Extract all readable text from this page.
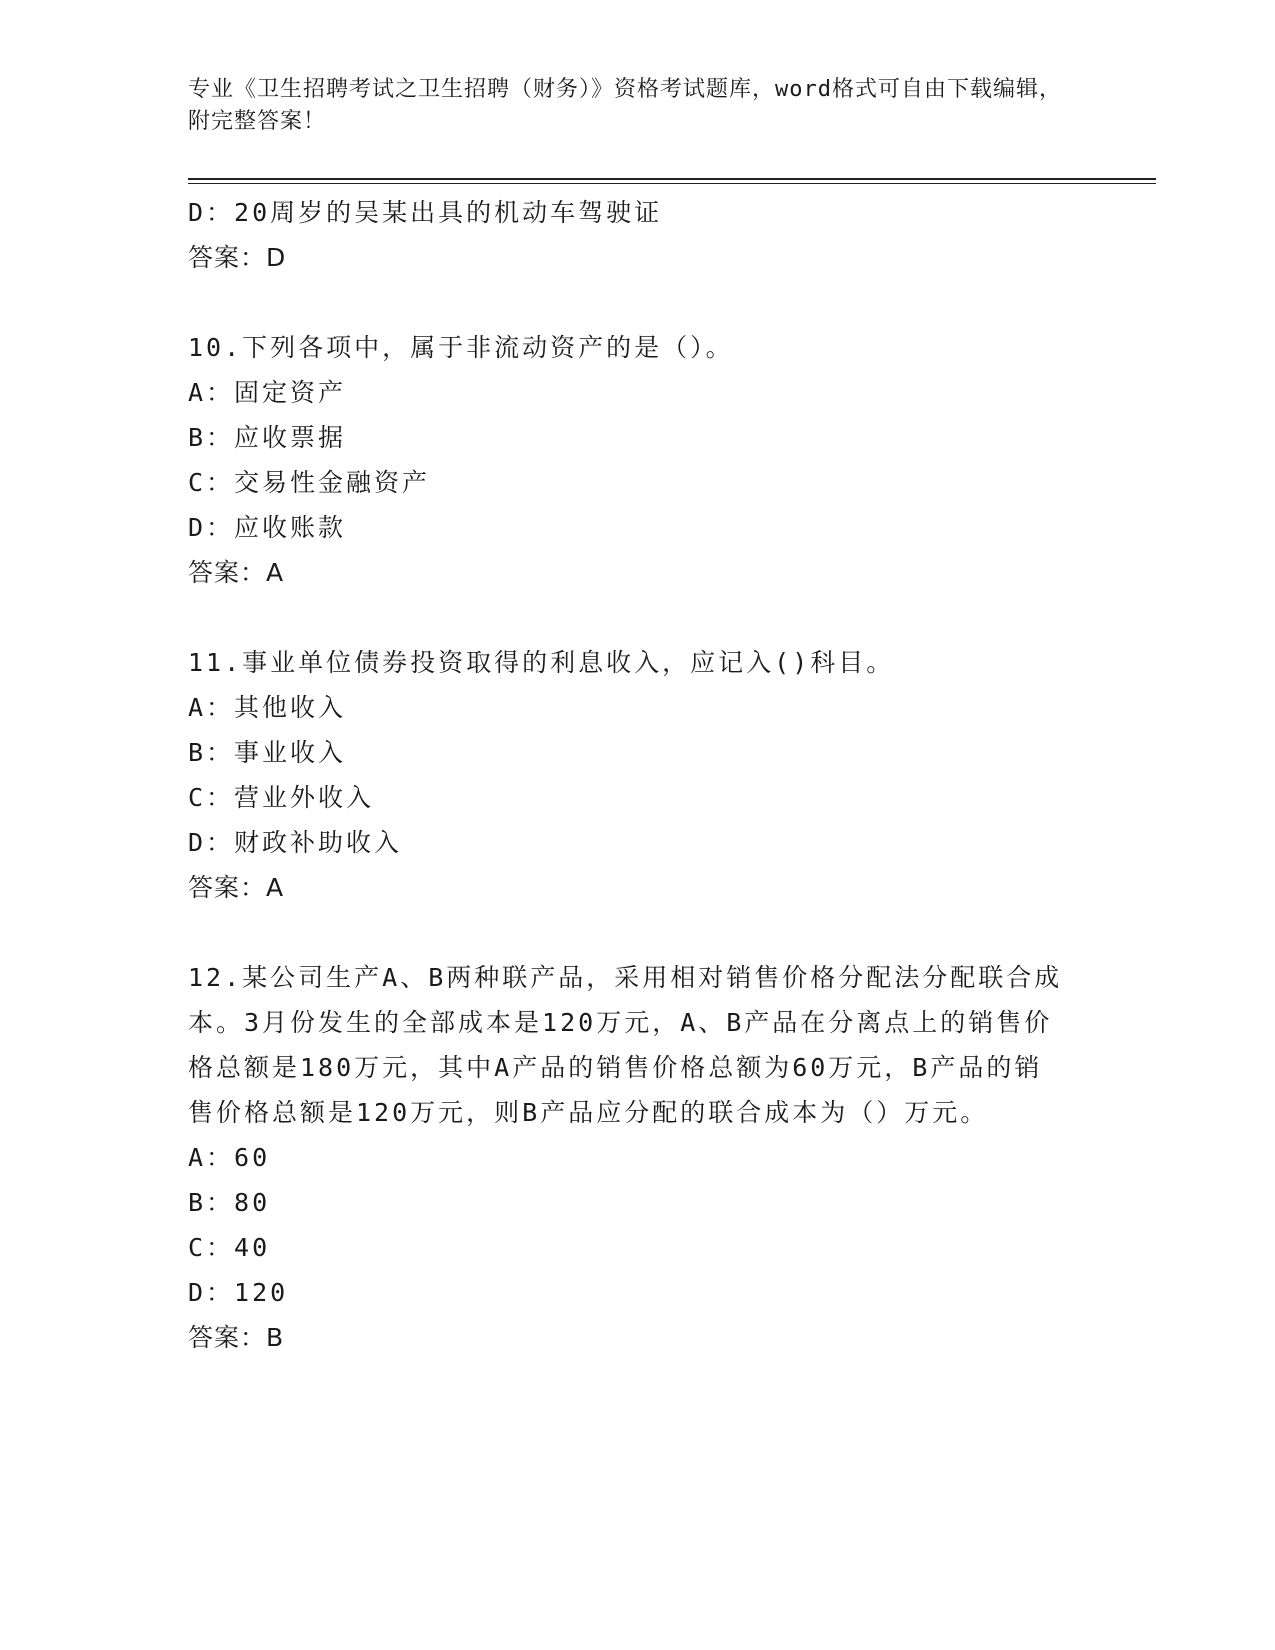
专业《卫生招聘考试之卫生招聘（财务）》资格考试题库，word格式可自由下载编辑，附完整答案！
D：20周岁的吴某出具的机动车驾驶证
答案：D
10.下列各项中，属于非流动资产的是（）。
A：固定资产
B：应收票据
C：交易性金融资产
D：应收账款
答案：A
11.事业单位债券投资取得的利息收入，应记入()科目。
A：其他收入
B：事业收入
C：营业外收入
D：财政补助收入
答案：A
12.某公司生产A、B两种联产品，采用相对销售价格分配法分配联合成本。3月份发生的全部成本是120万元，A、B产品在分离点上的销售价格总额是180万元，其中A产品的销售价格总额为60万元，B产品的销售价格总额是120万元，则B产品应分配的联合成本为（）万元。
A：60
B：80
C：40
D：120
答案：B
